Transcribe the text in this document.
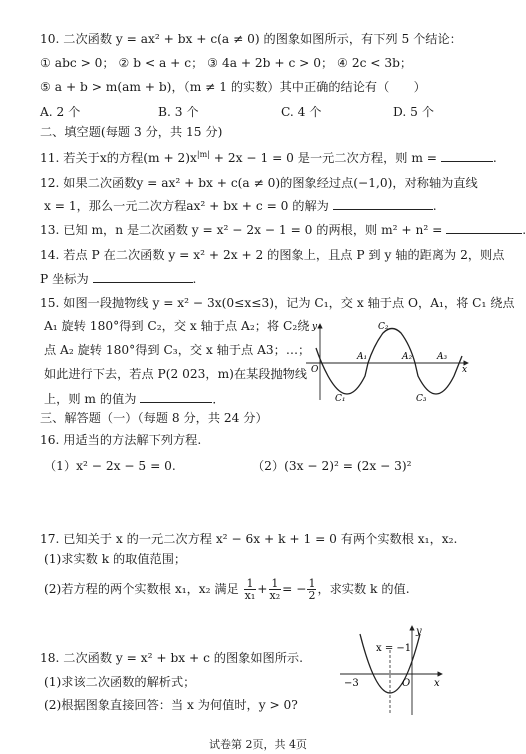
10. 二次函数 y = ax² + bx + c(a ≠ 0) 的图象如图所示，有下列 5 个结论：
① abc > 0； ② b < a + c； ③ 4a + 2b + c > 0； ④ 2c < 3b；
⑤ a + b > m(am + b)，（m ≠ 1 的实数）其中正确的结论有（　　）
A. 2 个	B. 3 个	C. 4 个	D. 5 个
二、填空题(每题 3 分，共 15 分)
11. 若关于x的方程$(m + 2)x^{|m|} + 2x - 1 = 0$ 是一元二次方程，则 m =	.
12. 如果二次函数y = ax² + bx + c(a ≠ 0)的图象经过点(−1,0)，对称轴为直线
x = 1，那么一元二次方程ax² + bx + c = 0 的解为	.
13. 已知 m，n 是二次函数 y = x² − 2x − 1 = 0 的两根，则 m² + n² =	.
14. 若点 P 在二次函数 y = x² + 2x + 2 的图象上，且点 P 到 y 轴的距离为 2，则点
P 坐标为	.
15. 如图一段抛物线 y = x² − 3x(0≤x≤3)，记为 C₁，交 x 轴于点 O，A₁，将 C₁ 绕点
A₁ 旋转 180°得到 C₂，交 x 轴于点 A₂；将 C₂绕
点 A₂ 旋转 180°得到 C₃，交 x 轴于点 A3；…；
如此进行下去，若点 P(2 023，m)在某段抛物线
上，则 m 的值为	．
y
x
O
A₁	A₂	A₃
C₁
C₂
C₃
三、解答题（一）（每题 8 分，共 24 分）
16. 用适当的方法解下列方程.
（1）x² − 2x − 5 = 0.	（2）(3x − 2)² = (2x − 3)²
17. 已知关于 x 的一元二次方程 x² − 6x + k + 1 = 0 有两个实数根 x₁，x₂.
(1)求实数 k 的取值范围；
(2)若方程的两个实数根 x₁，x₂ 满足 $\frac{1}{\text{x₁}} + \frac{1}{\text{x₂}}$ = − $\frac{1}{2}$ ，求实数 k 的值.
18. 二次函数 y = x² + bx + c 的图象如图所示.
(1)求该二次函数的解析式；
(2)根据图象直接回答：当 x 为何值时，y > 0?
x = −1
−3	O x
y
试卷第 2页，共 4页
